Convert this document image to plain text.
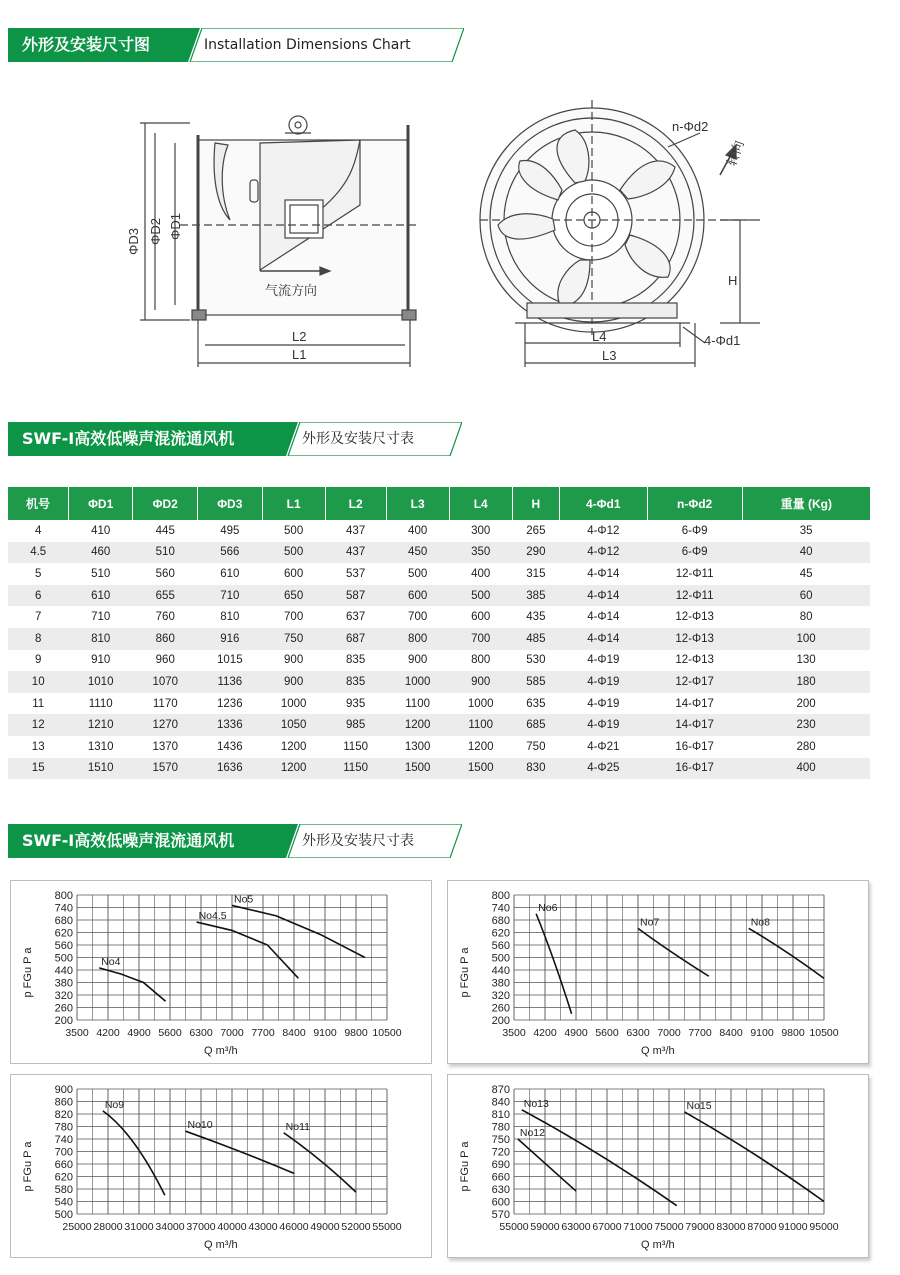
外形及安装尺寸图	Installation Dimensions Chart
ΦD3 ΦD2 ΦD1
L2
L1
气流方向
n-Φd2
转向
H
L4
L3
4-Φd1
SWF-I高效低噪声混流通风机	外形及安装尺寸表
机号	ΦD1	ΦD2	ΦD3	L1	L2	L3	L4	H	4-Φd1	n-Φd2	重量 (Kg)
4	410	445	495	500	437	400	300	265	4-Φ12	6-Φ9	35
4.5	460	510	566	500	437	450	350	290	4-Φ12	6-Φ9	40
5	510	560	610	600	537	500	400	315	4-Φ14	12-Φ11	45
6	610	655	710	650	587	600	500	385	4-Φ14	12-Φ11	60
7	710	760	810	700	637	700	600	435	4-Φ14	12-Φ13	80
8	810	860	916	750	687	800	700	485	4-Φ14	12-Φ13	100
9	910	960	1015	900	835	900	800	530	4-Φ19	12-Φ13	130
10	1010	1070	1136	900	835	1000	900	585	4-Φ19	12-Φ17	180
11	1110	1170	1236	1000	935	1100	1000	635	4-Φ19	14-Φ17	200
12	1210	1270	1336	1050	985	1200	1100	685	4-Φ19	14-Φ17	230
13	1310	1370	1436	1200	1150	1300	1200	750	4-Φ21	16-Φ17	280
15	1510	1570	1636	1200	1150	1500	1500	830	4-Φ25	16-Φ17	400
SWF-I高效低噪声混流通风机	外形及安装尺寸表
800
740
680
620
560
500
440
380
320
260
200
3500 4200 4900 5600 6300 7000 7700 8400 9100 9800 10500
p FGu P a
Q m³/h
No4
No4.5
No5	800
740
680
620
560
500
440
380
320
260
200
3500 4200 4900 5600 6300 7000 7700 8400 9100 9800 10500
p FGu P a
Q m³/h
No6
No7	No8
900
860
820
780
740
700
660
620
580
540
500
25000 28000 31000 34000 37000 40000 43000 46000 49000 52000 55000
p FGu P a
Q m³/h
No9
No10	No11
870
840
810
780
750
720
690
660
630
600
570
55000 59000 63000 67000 71000 75000 79000 83000 87000 91000 95000
p FGu P a
Q m³/h
No12
No13	No15
